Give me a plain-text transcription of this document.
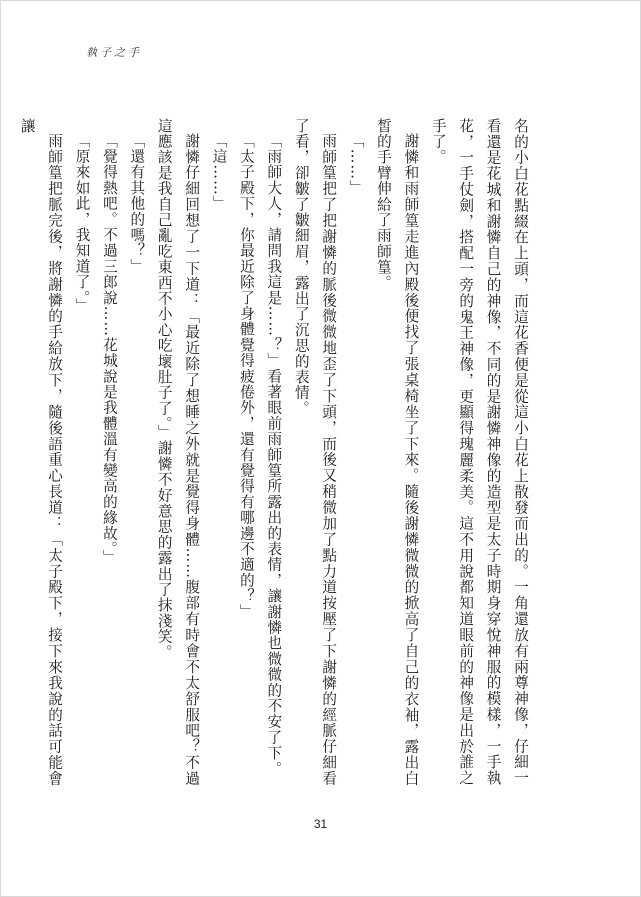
執子之手

名的小白花點綴在上頭，而這花香便是從這小白花上散發而出的。一角還放有兩尊神像，仔細一看還是花城和謝憐自己的神像，不同的是謝憐神像的造型是太子時期身穿悅神服的模樣，一手執花，一手仗劍，搭配一旁的鬼王神像，更顯得瑰麗柔美。這不用說都知道眼前的神像是出於誰之手了。

謝憐和雨師篁走進內殿後便找了張桌椅坐了下來。隨後謝憐微微的掀高了自己的衣袖，露出白皙的手臂伸給了雨師篁。

「……」

雨師篁把了把謝憐的脈後微微地歪了下頭，而後又稍微加了點力道按壓了下謝憐的經脈仔細看了看，卻皺了皺細眉，露出了沉思的表情。

「雨師大人，請問我這是……？」看著眼前雨師篁所露出的表情，讓謝憐也微微的不安了下。

「太子殿下，你最近除了身體覺得疲倦外，還有覺得有哪邊不適的？」

「這……」

謝憐仔細回想了一下道：「最近除了想睡之外就是覺得身體……腹部有時會不太舒服吧？不過這應該是我自己亂吃東西不小心吃壞肚子了。」謝憐不好意思的露出了抹淺笑。

「還有其他的嗎？」

「覺得熱吧。不過三郎說……花城說是我體溫有變高的緣故。」

「原來如此，我知道了。」

雨師篁把脈完後，將謝憐的手給放下，隨後語重心長道：「太子殿下，接下來我說的話可能會讓

31
